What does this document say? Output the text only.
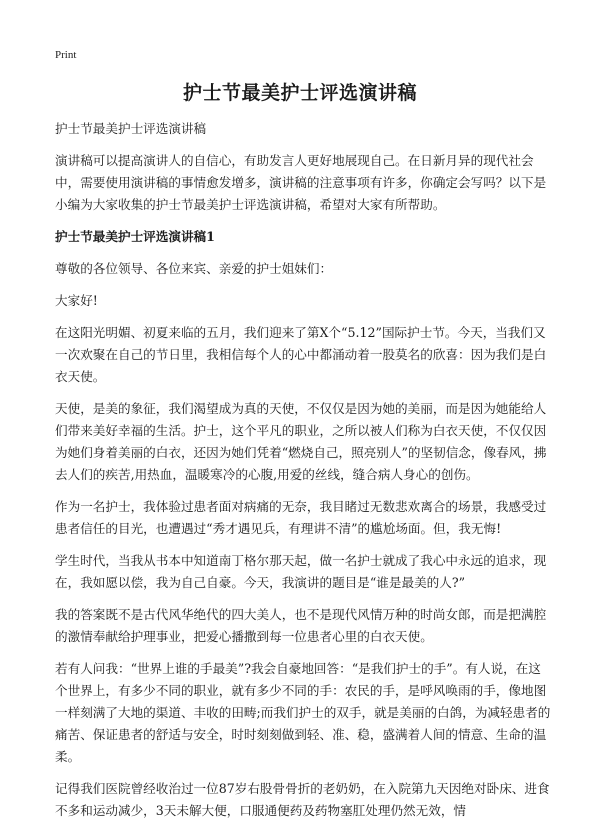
Print
护士节最美护士评选演讲稿

护士节最美护士评选演讲稿

演讲稿可以提高演讲人的自信心，有助发言人更好地展现自己。在日新月异的现代社会中，需要使用演讲稿的事情愈发增多，演讲稿的注意事项有许多，你确定会写吗？以下是小编为大家收集的护士节最美护士评选演讲稿，希望对大家有所帮助。

护士节最美护士评选演讲稿1

尊敬的各位领导、各位来宾、亲爱的护士姐妹们：

大家好!

在这阳光明媚、初夏来临的五月，我们迎来了第X个“5.12”国际护士节。今天，当我们又一次欢聚在自己的节日里，我相信每个人的心中都涌动着一股莫名的欣喜：因为我们是白衣天使。

天使，是美的象征，我们渴望成为真的天使，不仅仅是因为她的美丽，而是因为她能给人们带来美好幸福的生活。护士，这个平凡的职业，之所以被人们称为白衣天使，不仅仅因为她们身着美丽的白衣，还因为她们凭着“燃烧自己，照亮别人”的坚韧信念，像春风，拂去人们的疾苦,用热血，温暖寒冷的心腹,用爱的丝线，缝合病人身心的创伤。

作为一名护士，我体验过患者面对病痛的无奈，我目睹过无数悲欢离合的场景，我感受过患者信任的目光，也遭遇过“秀才遇见兵，有理讲不清”的尴尬场面。但，我无悔!

学生时代，当我从书本中知道南丁格尔那天起，做一名护士就成了我心中永远的追求，现在，我如愿以偿，我为自己自豪。今天，我演讲的题目是“谁是最美的人?”

我的答案既不是古代风华绝代的四大美人，也不是现代风情万种的时尚女郎，而是把满腔的激情奉献给护理事业，把爱心播撒到每一位患者心里的白衣天使。

若有人问我：“世界上谁的手最美”?我会自豪地回答：“是我们护士的手”。有人说，在这个世界上，有多少不同的职业，就有多少不同的手：农民的手，是呼风唤雨的手，像地图一样刻满了大地的渠道、丰收的田畴;而我们护士的双手，就是美丽的白鸽，为减轻患者的痛苦、保证患者的舒适与安全，时时刻刻做到轻、准、稳，盛满着人间的情意、生命的温柔。

记得我们医院曾经收治过一位87岁右股骨骨折的老奶奶，在入院第九天因绝对卧床、进食不多和运动减少，3天未解大便，口服通便药及药物塞肛处理仍然无效，情
